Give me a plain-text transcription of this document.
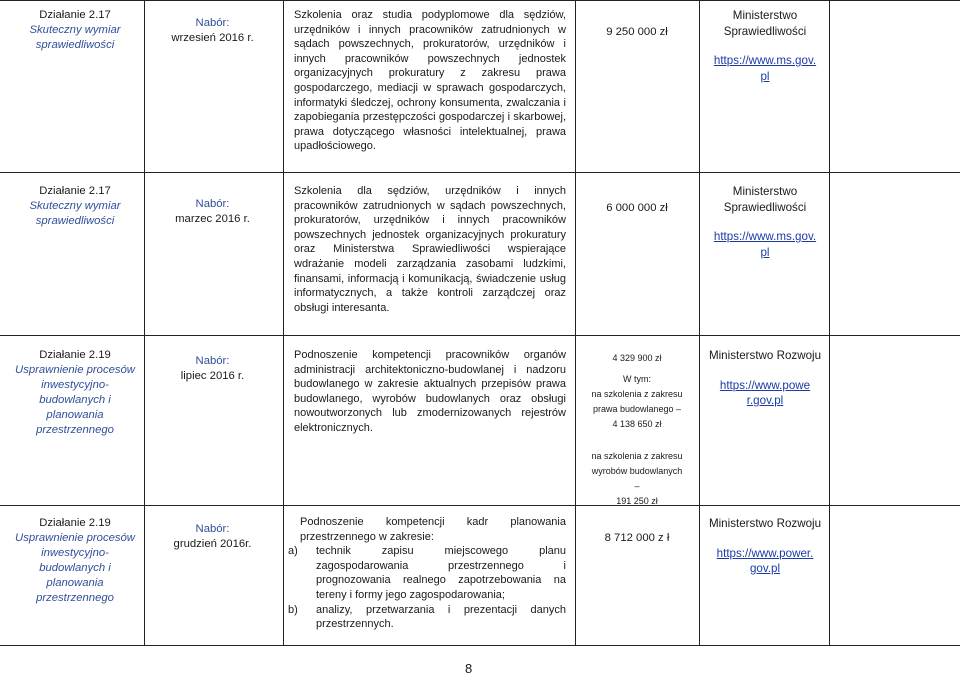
Działanie 2.17
Skuteczny wymiar sprawiedliwości
Nabór:
wrzesień 2016 r.
Szkolenia oraz studia podyplomowe dla sędziów, urzędników i innych pracowników zatrudnionych w sądach powszechnych, prokuratorów, urzędników i innych pracowników powszechnych jednostek organizacyjnych prokuratury z zakresu prawa gospodarczego, mediacji w sprawach gospodarczych, informatyki śledczej, ochrony konsumenta, zwalczania i zapobiegania przestępczości gospodarczej i skarbowej, prawa dotyczącego własności intelektualnej, prawa upadłościowego.
9 250 000 zł
Ministerstwo Sprawiedliwości
https://www.ms.gov.
pl
Działanie 2.17
Skuteczny wymiar sprawiedliwości
Nabór:
marzec 2016 r.
Szkolenia dla sędziów, urzędników i innych pracowników zatrudnionych w sądach powszechnych, prokuratorów, urzędników i innych pracowników powszechnych jednostek organizacyjnych prokuratury oraz Ministerstwa Sprawiedliwości wspierające wdrażanie modeli zarządzania zasobami ludzkimi, finansami, informacją i komunikacją, świadczenie usług informatycznych, a także kontroli zarządczej oraz obsługi interesanta.
6 000 000 zł
Ministerstwo Sprawiedliwości
https://www.ms.gov.
pl
Działanie 2.19
Usprawnienie procesów inwestycyjno-budowlanych i planowania przestrzennego
Nabór:
lipiec 2016 r.
Podnoszenie kompetencji pracowników organów administracji architektoniczno-budowlanej i nadzoru budowlanego w zakresie aktualnych przepisów prawa budowlanego, wyrobów budowlanych oraz obsługi nowoutworzonych lub zmodernizowanych rejestrów elektronicznych.
4 329 900 zł
W tym:
na szkolenia z zakresu
prawa budowlanego –
4 138 650 zł
na szkolenia z zakresu
wyrobów budowlanych
–
191 250 zł
Ministerstwo Rozwoju
https://www.powe
r.gov.pl
Działanie 2.19
Usprawnienie procesów inwestycyjno- budowlanych i planowania przestrzennego
Nabór:
grudzień 2016r.
Podnoszenie kompetencji kadr planowania przestrzennego w zakresie:
a)	technik zapisu miejscowego planu zagospodarowania przestrzennego i prognozowania realnego zapotrzebowania na tereny i formy jego zagospodarowania;
b)	analizy, przetwarzania i prezentacji danych przestrzennych.
8 712 000 z ł
Ministerstwo Rozwoju
https://www.power.
gov.pl
8
